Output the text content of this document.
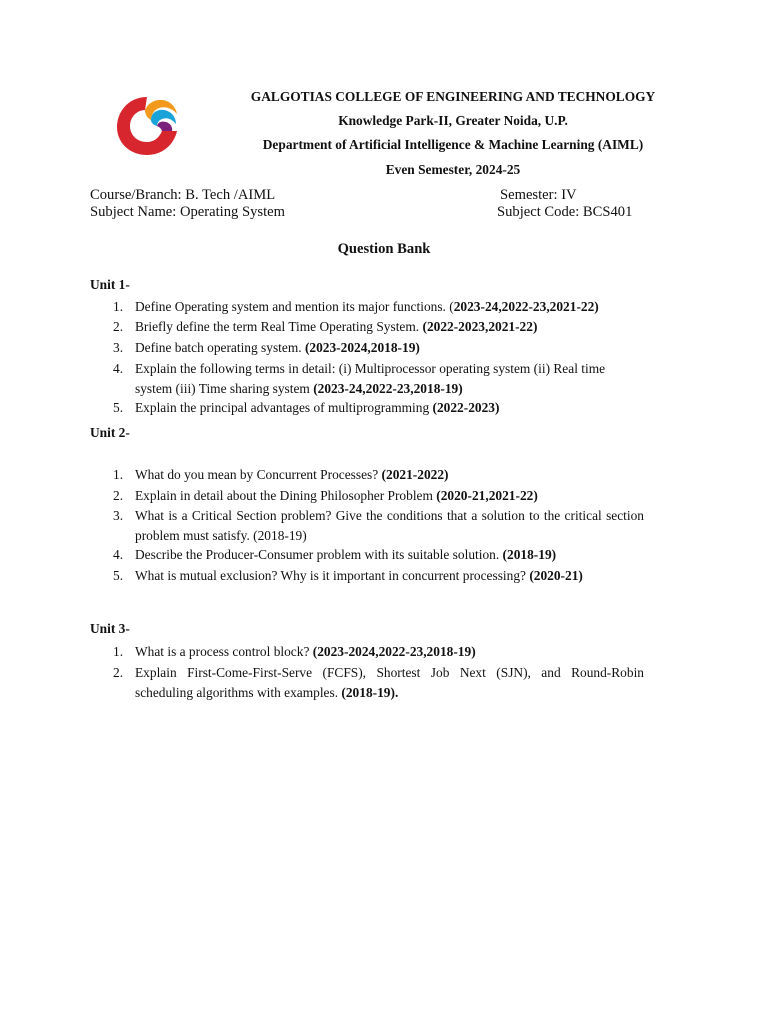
GALGOTIAS COLLEGE OF ENGINEERING AND TECHNOLOGY
Knowledge Park-II, Greater Noida, U.P.
Department of Artificial Intelligence & Machine Learning (AIML)
Even Semester, 2024-25
Course/Branch: B. Tech /AIML	Semester: IV
Subject Name: Operating System	Subject Code: BCS401
Question Bank
Unit 1-
1. Define Operating system and mention its major functions. (2023-24,2022-23,2021-22)
2. Briefly define the term Real Time Operating System. (2022-2023,2021-22)
3. Define batch operating system. (2023-2024,2018-19)
4. Explain the following terms in detail: (i) Multiprocessor operating system (ii) Real time system (iii) Time sharing system (2023-24,2022-23,2018-19)
5. Explain the principal advantages of multiprogramming (2022-2023)
Unit 2-
1. What do you mean by Concurrent Processes? (2021-2022)
2. Explain in detail about the Dining Philosopher Problem (2020-21,2021-22)
3. What is a Critical Section problem? Give the conditions that a solution to the critical section problem must satisfy. (2018-19)
4. Describe the Producer-Consumer problem with its suitable solution. (2018-19)
5. What is mutual exclusion? Why is it important in concurrent processing? (2020-21)
Unit 3-
1. What is a process control block? (2023-2024,2022-23,2018-19)
2. Explain First-Come-First-Serve (FCFS), Shortest Job Next (SJN), and Round-Robin scheduling algorithms with examples. (2018-19).
